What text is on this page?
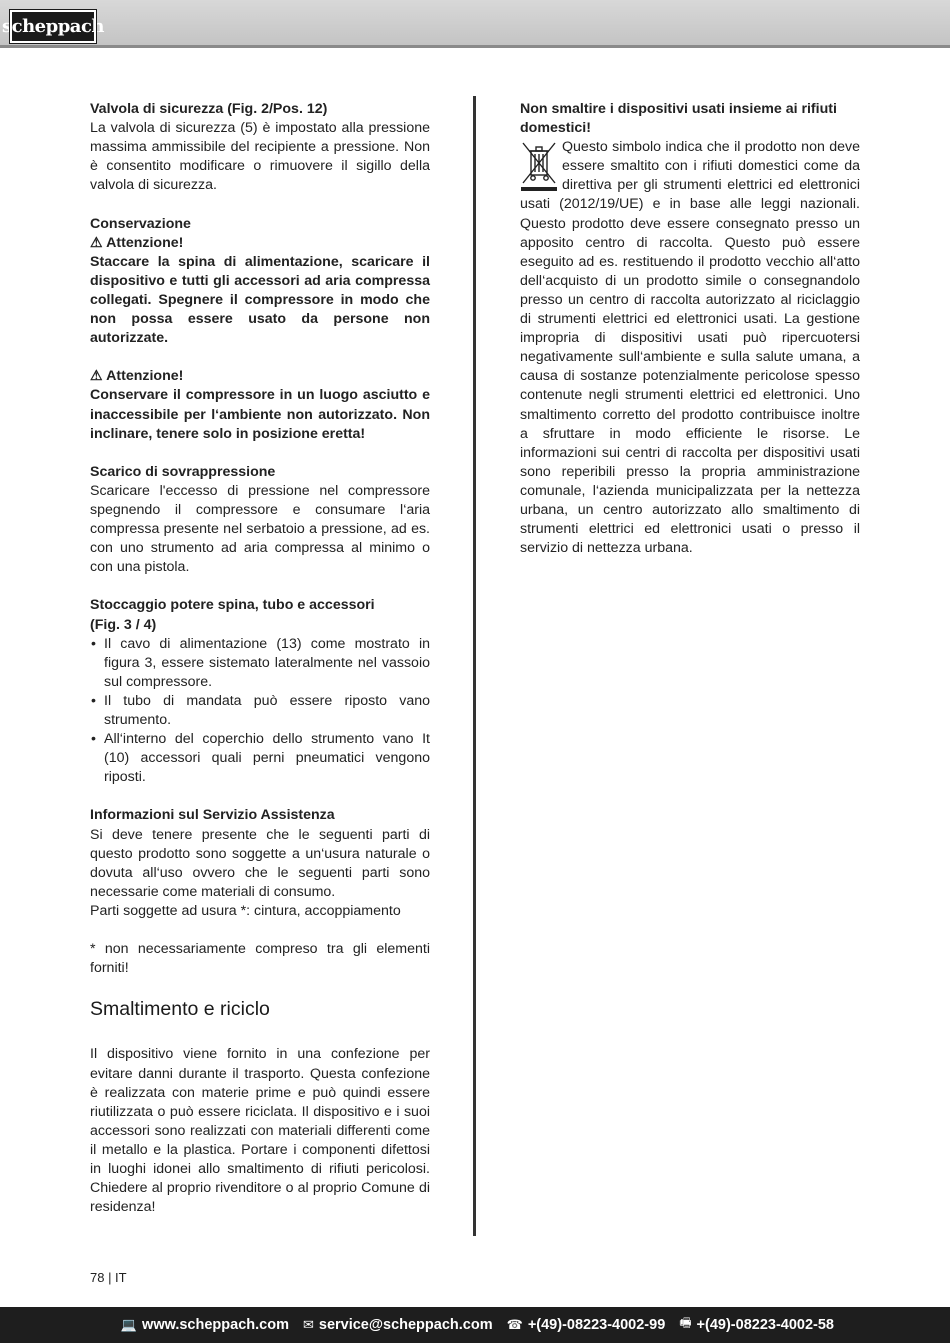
scheppach
Valvola di sicurezza (Fig. 2/Pos. 12)
La valvola di sicurezza (5) è impostato alla pressione massima ammissibile del recipiente a pressione. Non è consentito modificare o rimuovere il sigillo della valvola di sicurezza.
Conservazione
⚠ Attenzione!
Staccare la spina di alimentazione, scaricare il dispositivo e tutti gli accessori ad aria compressa collegati. Spegnere il compressore in modo che non possa essere usato da persone non autorizzate.
⚠ Attenzione!
Conservare il compressore in un luogo asciutto e inaccessibile per l‘ambiente non autorizzato. Non inclinare, tenere solo in posizione eretta!
Scarico di sovrappressione
Scaricare l'eccesso di pressione nel compressore spegnendo il compressore e consumare l‘aria compressa presente nel serbatoio a pressione, ad es. con uno strumento ad aria compressa al minimo o con una pistola.
Stoccaggio potere spina, tubo e accessori
(Fig. 3 / 4)
• Il cavo di alimentazione (13) come mostrato in figura 3, essere sistemato lateralmente nel vassoio sul compressore.
• Il tubo di mandata può essere riposto vano strumento.
• All‘interno del coperchio dello strumento vano It (10) accessori quali perni pneumatici vengono riposti.
Informazioni sul Servizio Assistenza
Si deve tenere presente che le seguenti parti di questo prodotto sono soggette a un‘usura naturale o dovuta all‘uso ovvero che le seguenti parti sono necessarie come materiali di consumo.
Parti soggette ad usura *: cintura, accoppiamento
* non necessariamente compreso tra gli elementi forniti!
Smaltimento e riciclo
Il dispositivo viene fornito in una confezione per evitare danni durante il trasporto. Questa confezione è realizzata con materie prime e può quindi essere riutilizzata o può essere riciclata. Il dispositivo e i suoi accessori sono realizzati con materiali differenti come il metallo e la plastica. Portare i componenti difettosi in luoghi idonei allo smaltimento di rifiuti pericolosi. Chiedere al proprio rivenditore o al proprio Comune di residenza!
Non smaltire i dispositivi usati insieme ai rifiuti domestici!
Questo simbolo indica che il prodotto non deve essere smaltito con i rifiuti domestici come da direttiva per gli strumenti elettrici ed elettronici usati (2012/19/UE) e in base alle leggi nazionali. Questo prodotto deve essere consegnato presso un apposito centro di raccolta. Questo può essere eseguito ad es. restituendo il prodotto vecchio all‘atto dell‘acquisto di un prodotto simile o consegnandolo presso un centro di raccolta autorizzato al riciclaggio di strumenti elettrici ed elettronici usati. La gestione impropria di dispositivi usati può ripercuotersi negativamente sull‘ambiente e sulla salute umana, a causa di sostanze potenzialmente pericolose spesso contenute negli strumenti elettrici ed elettronici. Uno smaltimento corretto del prodotto contribuisce inoltre a sfruttare in modo efficiente le risorse. Le informazioni sui centri di raccolta per dispositivi usati sono reperibili presso la propria amministrazione comunale, l‘azienda municipalizzata per la nettezza urbana, un centro autorizzato allo smaltimento di strumenti elettrici ed elettronici usati o presso il servizio di nettezza urbana.
78 | IT
💻 www.scheppach.com ✉ service@scheppach.com ☎ +(49)-08223-4002-99 🖷 +(49)-08223-4002-58
